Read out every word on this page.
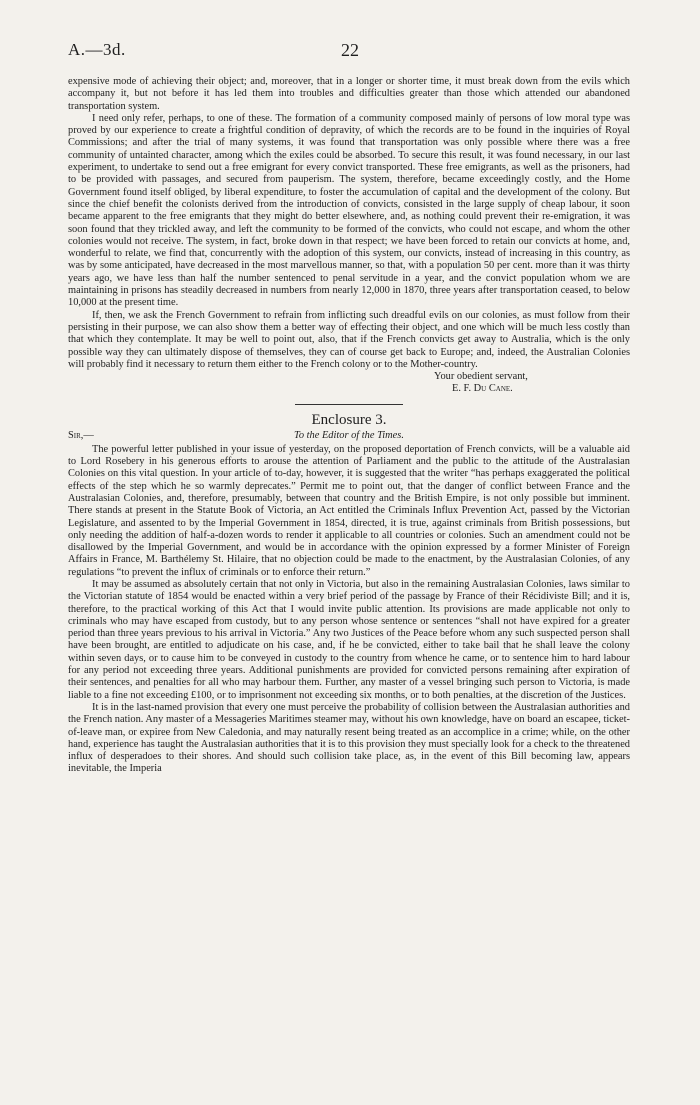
A.—3d.	22

expensive mode of achieving their object; and, moreover, that in a longer or shorter time, it must break down from the evils which accompany it, but not before it has led them into troubles and difficulties greater than those which attended our abandoned transportation system.

I need only refer, perhaps, to one of these. The formation of a community composed mainly of persons of low moral type was proved by our experience to create a frightful condition of depravity, of which the records are to be found in the inquiries of Royal Commissions; and after the trial of many systems, it was found that transportation was only possible where there was a free community of untainted character, among which the exiles could be absorbed. To secure this result, it was found necessary, in our last experiment, to undertake to send out a free emigrant for every convict transported. These free emigrants, as well as the prisoners, had to be provided with passages, and secured from pauperism. The system, therefore, became exceedingly costly, and the Home Government found itself obliged, by liberal expenditure, to foster the accumulation of capital and the development of the colony. But since the chief benefit the colonists derived from the introduction of convicts, consisted in the large supply of cheap labour, it soon became apparent to the free emigrants that they might do better elsewhere, and, as nothing could prevent their re-emigration, it was soon found that they trickled away, and left the community to be formed of the convicts, who could not escape, and whom the other colonies would not receive. The system, in fact, broke down in that respect; we have been forced to retain our convicts at home, and, wonderful to relate, we find that, concurrently with the adoption of this system, our convicts, instead of increasing in this country, as was by some anticipated, have decreased in the most marvellous manner, so that, with a population 50 per cent. more than it was thirty years ago, we have less than half the number sentenced to penal servitude in a year, and the convict population whom we are maintaining in prisons has steadily decreased in numbers from nearly 12,000 in 1870, three years after transportation ceased, to below 10,000 at the present time.

If, then, we ask the French Government to refrain from inflicting such dreadful evils on our colonies, as must follow from their persisting in their purpose, we can also show them a better way of effecting their object, and one which will be much less costly than that which they contemplate. It may be well to point out, also, that if the French convicts get away to Australia, which is the only possible way they can ultimately dispose of themselves, they can of course get back to Europe; and, indeed, the Australian Colonies will probably find it necessary to return them either to the French colony or to the Mother-country.

Your obedient servant,

E. F. Du Cane.

Enclosure 3.
Sir,—	To the Editor of the Times.

The powerful letter published in your issue of yesterday, on the proposed deportation of French convicts, will be a valuable aid to Lord Rosebery in his generous efforts to arouse the attention of Parliament and the public to the attitude of the Australasian Colonies on this vital question. In your article of to-day, however, it is suggested that the writer “has perhaps exaggerated the political effects of the step which he so warmly deprecates.” Permit me to point out, that the danger of conflict between France and the Australasian Colonies, and, therefore, presumably, between that country and the British Empire, is not only possible but imminent. There stands at present in the Statute Book of Victoria, an Act entitled the Criminals Influx Prevention Act, passed by the Victorian Legislature, and assented to by the Imperial Government in 1854, directed, it is true, against criminals from British possessions, but only needing the addition of half-a-dozen words to render it applicable to all countries or colonies. Such an amendment could not be disallowed by the Imperial Government, and would be in accordance with the opinion expressed by a former Minister of Foreign Affairs in France, M. Barthélemy St. Hilaire, that no objection could be made to the enactment, by the Australasian Colonies, of any regulations “to prevent the influx of criminals or to enforce their return.”

It may be assumed as absolutely certain that not only in Victoria, but also in the remaining Australasian Colonies, laws similar to the Victorian statute of 1854 would be enacted within a very brief period of the passage by France of their Récidiviste Bill; and it is, therefore, to the practical working of this Act that I would invite public attention. Its provisions are made applicable not only to criminals who may have escaped from custody, but to any person whose sentence or sentences “shall not have expired for a greater period than three years previous to his arrival in Victoria.” Any two Justices of the Peace before whom any such suspected person shall have been brought, are entitled to adjudicate on his case, and, if he be convicted, either to take bail that he shall leave the colony within seven days, or to cause him to be conveyed in custody to the country from whence he came, or to sentence him to hard labour for any period not exceeding three years. Additional punishments are provided for convicted persons remaining after expiration of their sentences, and penalties for all who may harbour them. Further, any master of a vessel bringing such person to Victoria, is made liable to a fine not exceeding £100, or to imprisonment not exceeding six months, or to both penalties, at the discretion of the Justices.

It is in the last-named provision that every one must perceive the probability of collision between the Australasian authorities and the French nation. Any master of a Messageries Maritimes steamer may, without his own knowledge, have on board an escapee, ticket-of-leave man, or expiree from New Caledonia, and may naturally resent being treated as an accomplice in a crime; while, on the other hand, experience has taught the Australasian authorities that it is to this provision they must specially look for a check to the threatened influx of desperadoes to their shores. And should such collision take place, as, in the event of this Bill becoming law, appears inevitable, the Imperia
